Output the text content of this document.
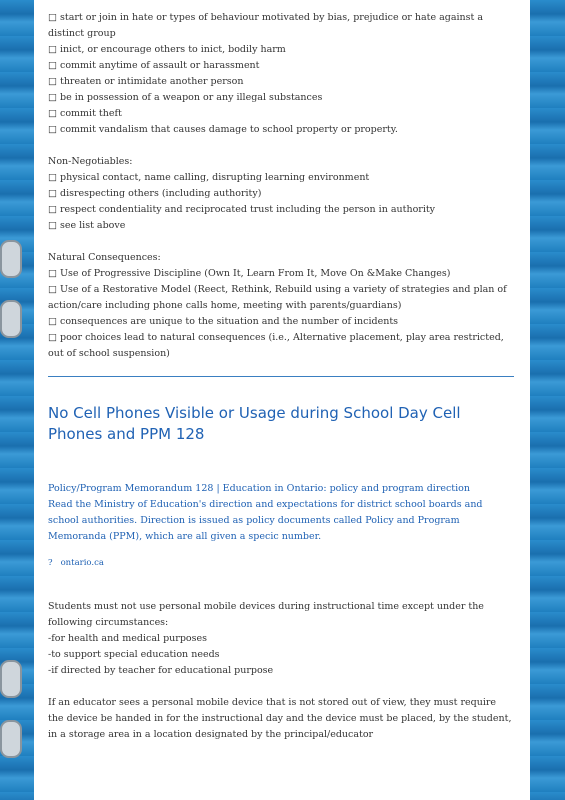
□ start or join in hate or types of behaviour motivated by bias, prejudice or hate against a distinct group
□ inict, or encourage others to inict, bodily harm
□ commit anytime of assault or harassment
□ threaten or intimidate another person
□ be in possession of a weapon or any illegal substances
□ commit theft
□ commit vandalism that causes damage to school property or property.
Non-Negotiables:
□ physical contact, name calling, disrupting learning environment
□ disrespecting others (including authority)
□ respect condentiality and reciprocated trust including the person in authority
□ see list above
Natural Consequences:
□ Use of Progressive Discipline (Own It, Learn From It, Move On &Make Changes)
□ Use of a Restorative Model (Reect, Rethink, Rebuild using a variety of strategies and plan of action/care including phone calls home, meeting with parents/guardians)
□ consequences are unique to the situation and the number of incidents
□ poor choices lead to natural consequences (i.e., Alternative placement, play area restricted, out of school suspension)
No Cell Phones Visible or Usage during School Day Cell Phones and PPM 128
Policy/Program Memorandum 128 | Education in Ontario: policy and program direction
Read the Ministry of Education's direction and expectations for district school boards and school authorities. Direction is issued as policy documents called Policy and Program Memoranda (PPM), which are all given a specic number.
? ontario.ca
Students must not use personal mobile devices during instructional time except under the following circumstances:
-for health and medical purposes
-to support special education needs
-if directed by teacher for educational purpose
If an educator sees a personal mobile device that is not stored out of view, they must require the device be handed in for the instructional day and the device must be placed, by the student, in a storage area in a location designated by the principal/educator
